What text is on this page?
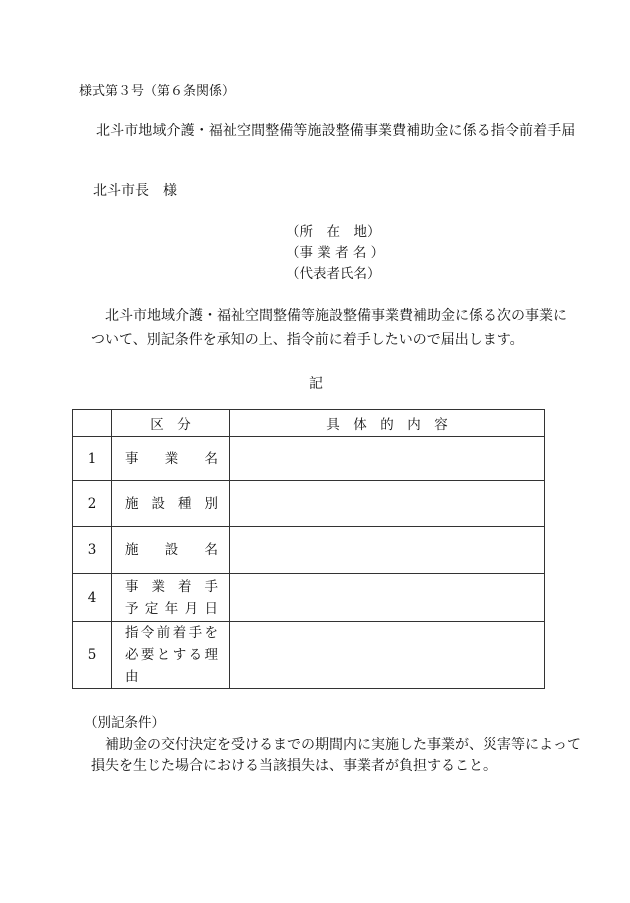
様式第３号（第６条関係）
北斗市地域介護・福祉空間整備等施設整備事業費補助金に係る指令前着手届
北斗市長　様
（所　在　地）
（事 業 者 名 ）
（代表者氏名）
北斗市地域介護・福祉空間整備等施設整備事業費補助金に係る次の事業に
ついて、別記条件を承知の上、指令前に着手したいので届出します。
記
	区　分	具　体　的　内　容
1	事業名	

2	施設種別	

3	施設名	

4	事業着手
予定年月日	

5	指令前着手を
必要とする理由	

（別記条件）
補助金の交付決定を受けるまでの期間内に実施した事業が、災害等によって
損失を生じた場合における当該損失は、事業者が負担すること。
